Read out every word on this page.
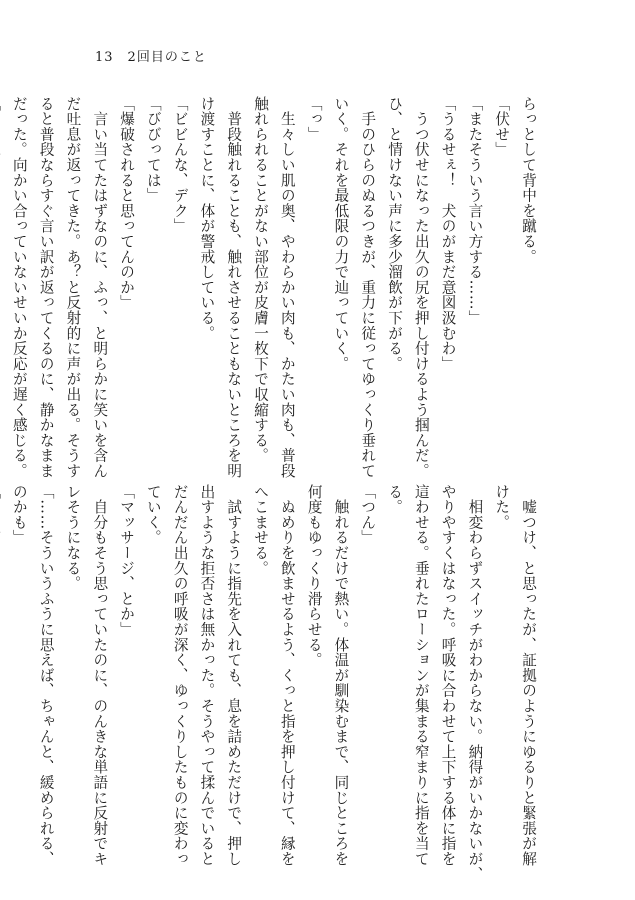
13 2回目のこと
らっとして背中を蹴る。
「伏せ」
「またそういう言い方する……」
「うるせぇ！　犬のがまだ意図汲むわ」
　うつ伏せになった出久の尻を押し付けるよう掴んだ。
ひ、と情けない声に多少溜飲が下がる。
　手のひらのぬるつきが、重力に従ってゆっくり垂れて
いく。それを最低限の力で辿っていく。
「っ」
　生々しい肌の奥、やわらかい肉も、かたい肉も、普段
触れられることがない部位が皮膚一枚下で収縮する。
　普段触れることも、触れさせることもないところを明
け渡すことに、体が警戒している。
「ビビんな、デク」
「びびっては」
「爆破されると思ってんのか」
　言い当てたはずなのに、ふっ、と明らかに笑いを含ん
だ吐息が返ってきた。あ？と反射的に声が出る。そうす
ると普段ならすぐ言い訳が返ってくるのに、静かなまま
だった。向かい合っていないせいか反応が遅く感じる。
　嘘つけ、と思ったが、証拠のようにゆるりと緊張が解
けた。
　相変わらずスイッチがわからない。納得がいかないが、
やりやすくはなった。呼吸に合わせて上下する体に指を
這わせる。垂れたローションが集まる窄まりに指を当て
る。
「つん」
　触れるだけで熱い。体温が馴染むまで、同じところを
何度もゆっくり滑らせる。
　ぬめりを飲ませるよう、くっと指を押し付けて、縁を
へこませる。
　試すように指先を入れても、息を詰めただけで、押し
出すような拒否さは無かった。そうやって揉んでいると
だんだん出久の呼吸が深く、ゆっくりしたものに変わっ
ていく。
「マッサージ、とか」
　自分もそう思っていたのに、のんきな単語に反射でキ
レそうになる。
「……そういうふうに思えば、ちゃんと、緩められる、
のかも」
